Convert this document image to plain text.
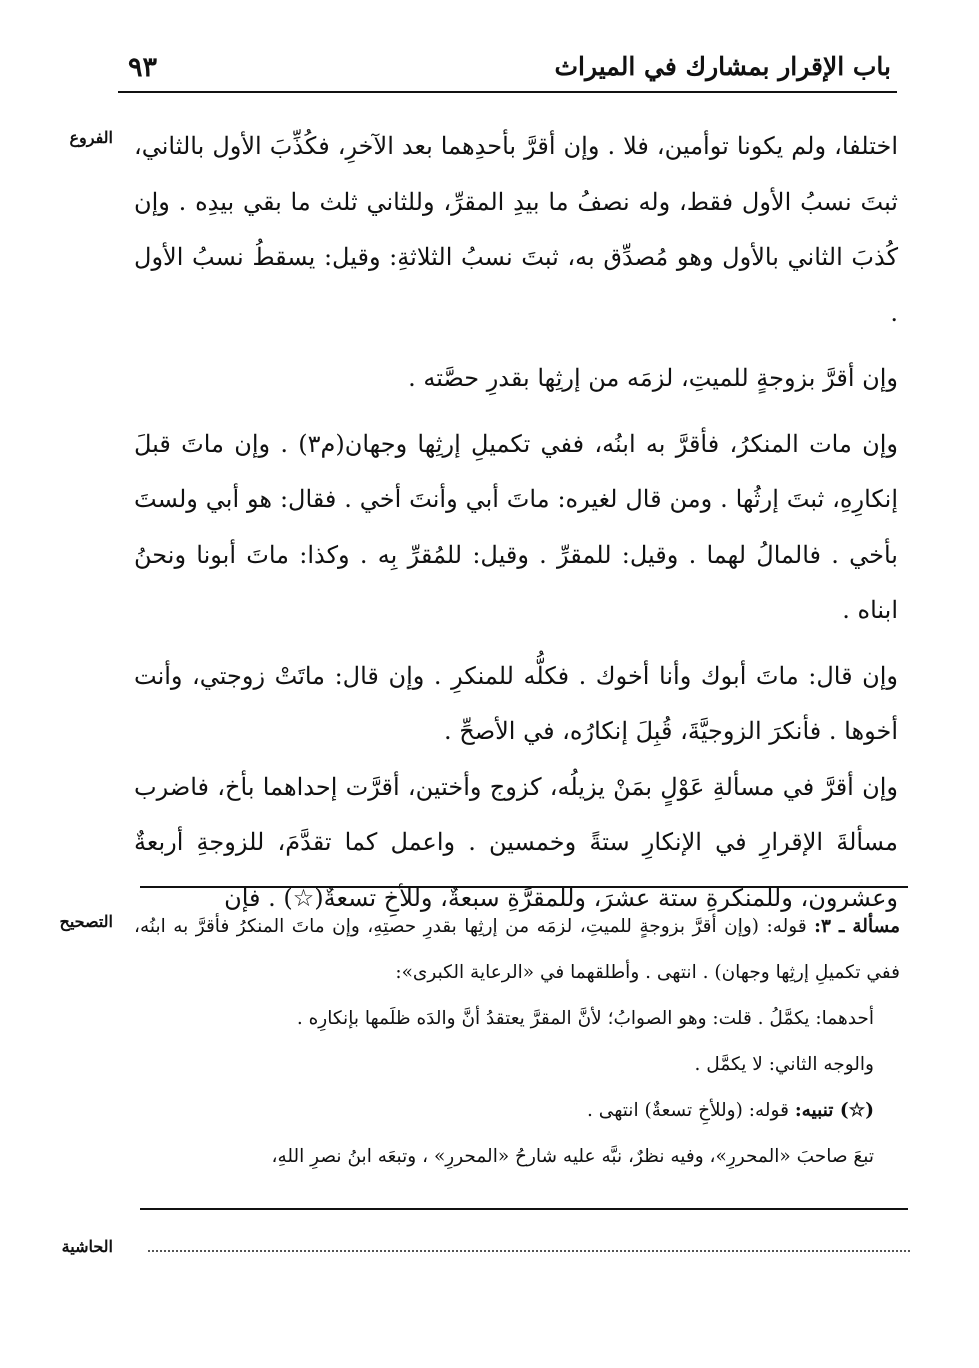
باب الإقرار بمشارك في الميراث
٩٣
الفروع اختلفا، ولم يكونا توأمين، فلا . وإن أقرَّ بأحدِهما بعد الآخرِ، فكُذِّبَ الأول بالثاني، ثبتَ نسبُ الأول فقط، وله نصفُ ما بيدِ المقرِّ، وللثاني ثلث ما بقي بيدِه . وإن كُذبَ الثاني بالأول وهو مُصدِّق به، ثبتَ نسبُ الثلاثةِ: وقيل: يسقطُ نسبُ الأول .

وإن أقرَّ بزوجةٍ للميتِ، لزمَه من إرثِها بقدرِ حصَّته .

وإن مات المنكرُ، فأقرَّ به ابنُه، ففي تكميلِ إرثِها وجهان(م٣) . وإن ماتَ قبلَ إنكارِهِ، ثبتَ إرثُها . ومن قال لغيره: ماتَ أبي وأنتَ أخي . فقال: هو أبي ولستَ بأخي . فالمالُ لهما . وقيل: للمقرِّ . وقيل: للمُقرِّ بِه . وكذا: ماتَ أبونا ونحنُ ابناه .

وإن قال: ماتَ أبوك وأنا أخوك . فكلُّه للمنكرِ . وإن قال: ماتَتْ زوجتي، وأنت أخوها . فأنكرَ الزوجيَّةَ، قُبِلَ إنكارُه، في الأصحِّ .

وإن أقرَّ في مسألةِ عَوْلٍ بمَنْ يزيلُه، كزوج وأختين، أقرَّت إحداهما بأخ، فاضرب مسألةَ الإقرارِ في الإنكارِ ستةً وخمسين . واعمل كما تقدَّمَ، للزوجةِ أربعةٌ وعشرون، وللمنكرةِ ستة عشرَ، وللمقرَّةِ سبعةٌ، وللأخِ تسعةٌ(☆) . فإن

التصحيح	مسألة ـ ٣: قوله: (وإن أقرَّ بزوجةٍ للميتِ، لزمَه من إرثِها بقدرِ حصتِهِ، وإن ماتَ المنكرُ فأقرَّ به ابنُه، ففي تكميلِ إرثِها وجهان) . انتهى . وأطلقهما في «الرعاية الكبرى»:

أحدهما: يكمَّلُ . قلت: وهو الصوابُ؛ لأنَّ المقرَّ يعتقدُ أنَّ والدَه ظلَمها بإنكارِه .

والوجه الثاني: لا يكمَّل .

(☆) تنبيه: قوله: (وللأخِ تسعةٌ) انتهى .

تبعَ صاحبَ «المحررِ»، وفيه نظرٌ، نبَّه عليه شارحُ «المحررِ» ، وتبعَه ابنُ نصرِ اللهِ،

الحاشية
